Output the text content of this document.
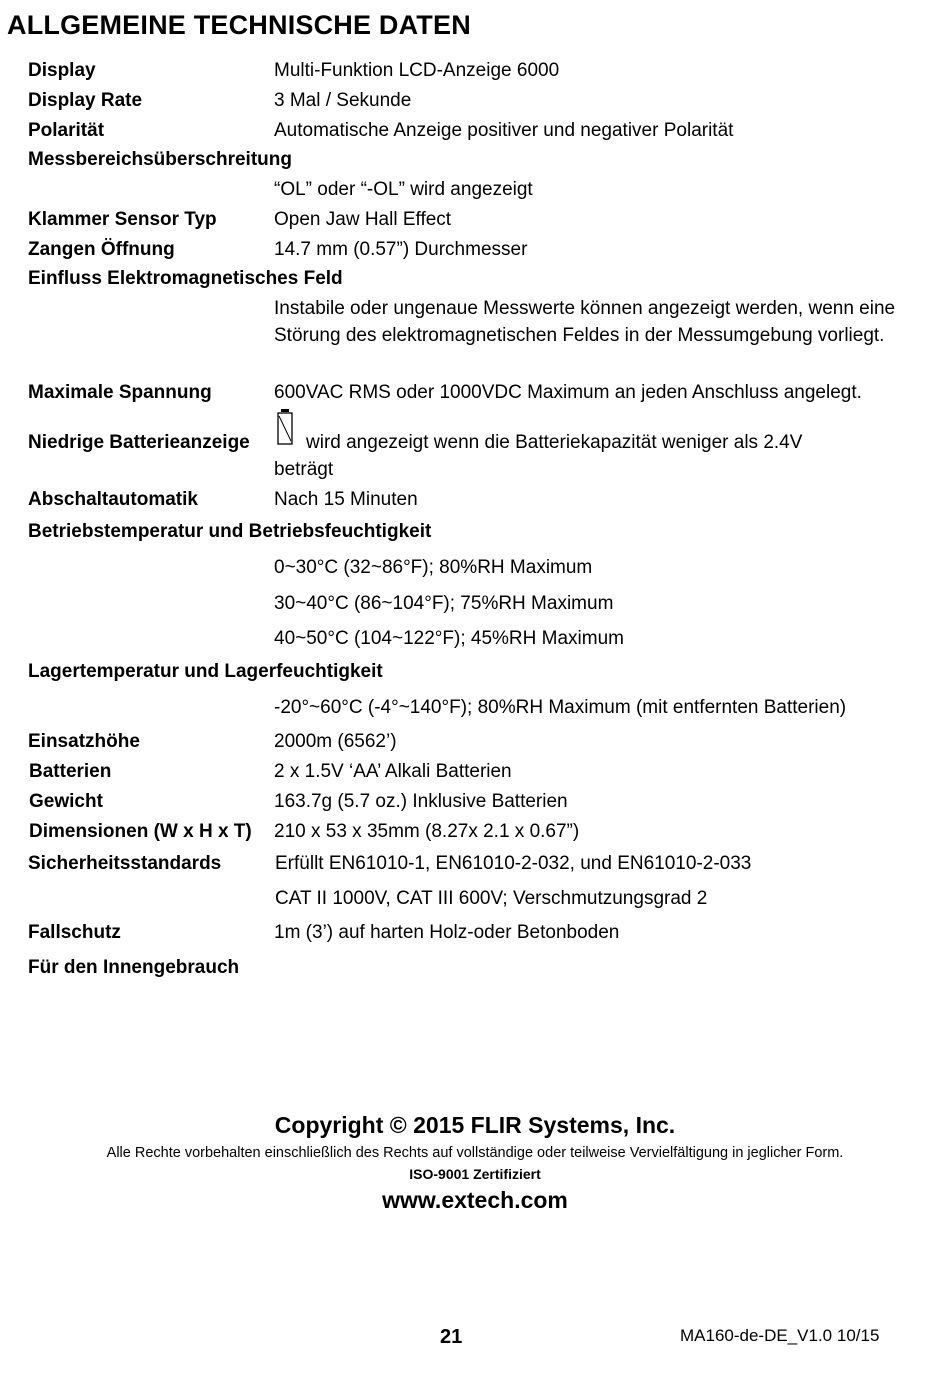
ALLGEMEINE TECHNISCHE DATEN
Display	Multi-Funktion LCD-Anzeige 6000
Display Rate	3 Mal / Sekunde
Polarität	Automatische Anzeige positiver und negativer Polarität
Messbereichsüberschreitung
“OL” oder “-OL” wird angezeigt
Klammer Sensor Typ	Open Jaw Hall Effect
Zangen Öffnung	14.7 mm (0.57”) Durchmesser
Einfluss Elektromagnetisches Feld
Instabile oder ungenaue Messwerte können angezeigt werden, wenn eine Störung des elektromagnetischen Feldes in der Messumgebung vorliegt.
Maximale Spannung	600VAC RMS oder 1000VDC Maximum an jeden Anschluss angelegt.
Niedrige Batterieanzeige	wird angezeigt wenn die Batteriekapazität weniger als 2.4V
beträgt
Abschaltautomatik	Nach 15 Minuten
Betriebstemperatur und Betriebsfeuchtigkeit
0~30°C (32~86°F); 80%RH Maximum
30~40°C (86~104°F); 75%RH Maximum
40~50°C (104~122°F); 45%RH Maximum
Lagertemperatur und Lagerfeuchtigkeit
-20°~60°C (-4°~140°F); 80%RH Maximum (mit entfernten Batterien)
Einsatzhöhe	2000m (6562’)
Batterien	2 x 1.5V ‘AA’ Alkali Batterien
Gewicht	163.7g (5.7 oz.) Inklusive Batterien
Dimensionen (W x H x T) 210 x 53 x 35mm (8.27x 2.1 x 0.67”)
Sicherheitsstandards	Erfüllt EN61010-1, EN61010-2-032, und EN61010-2-033
CAT II 1000V, CAT III 600V; Verschmutzungsgrad 2
Fallschutz	1m (3’) auf harten Holz-oder Betonboden
Für den Innengebrauch
Copyright © 2015 FLIR Systems, Inc.
Alle Rechte vorbehalten einschließlich des Rechts auf vollständige oder teilweise Vervielfältigung in jeglicher Form.
ISO-9001 Zertifiziert
www.extech.com
21	MA160-de-DE_V1.0 10/15
